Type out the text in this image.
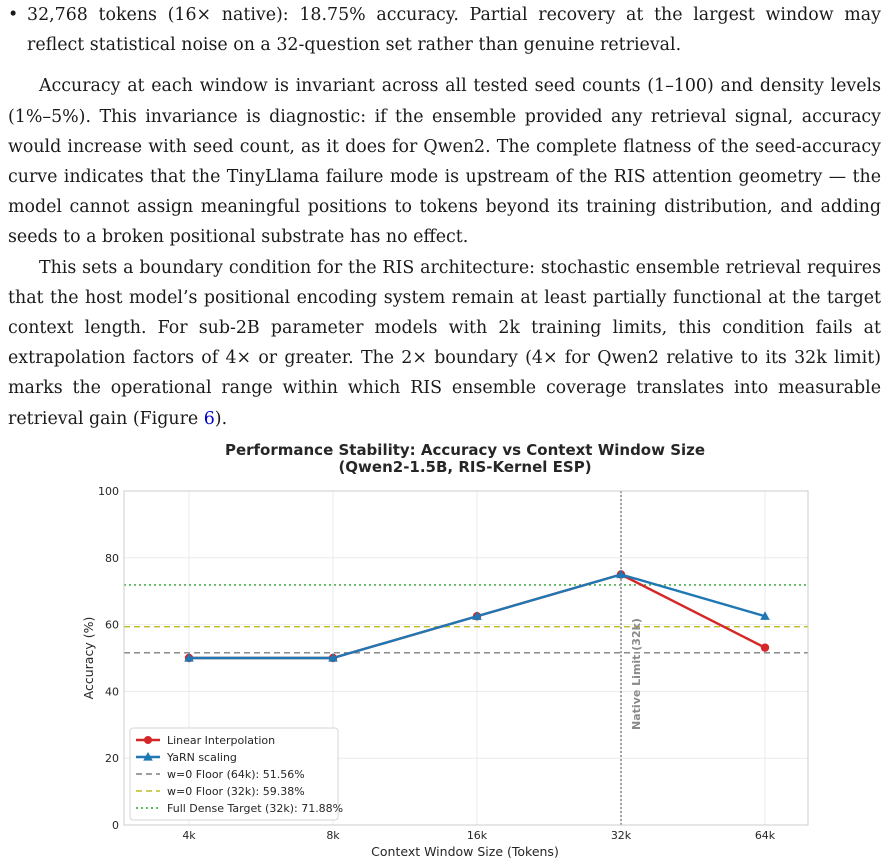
• 32,768 tokens (16× native): 18.75% accuracy. Partial recovery at the largest window may reflect statistical noise on a 32-question set rather than genuine retrieval.

Accuracy at each window is invariant across all tested seed counts (1–100) and density levels (1%–5%). This invariance is diagnostic: if the ensemble provided any retrieval signal, accuracy would increase with seed count, as it does for Qwen2. The complete flatness of the seed-accuracy curve indicates that the TinyLlama failure mode is upstream of the RIS attention geometry — the model cannot assign meaningful positions to tokens beyond its training distribution, and adding seeds to a broken positional substrate has no effect.

This sets a boundary condition for the RIS architecture: stochastic ensemble retrieval requires that the host model’s positional encoding system remain at least partially functional at the target context length. For sub-2B parameter models with 2k training limits, this condition fails at extrapolation factors of 4× or greater. The 2× boundary (4× for Qwen2 relative to its 32k limit) marks the operational range within which RIS ensemble coverage translates into measurable retrieval gain (Figure 6).

Performance Stability: Accuracy vs Context Window Size
(Qwen2-1.5B, RIS-Kernel ESP)
Native Limit (32k)
0
20
40
60
80
100
4k	8k	16k	32k	64k
Context Window Size (Tokens)
Accuracy (%)
Linear Interpolation
YaRN scaling
w=0 Floor (64k): 51.56%
w=0 Floor (32k): 59.38%
Full Dense Target (32k): 71.88%
